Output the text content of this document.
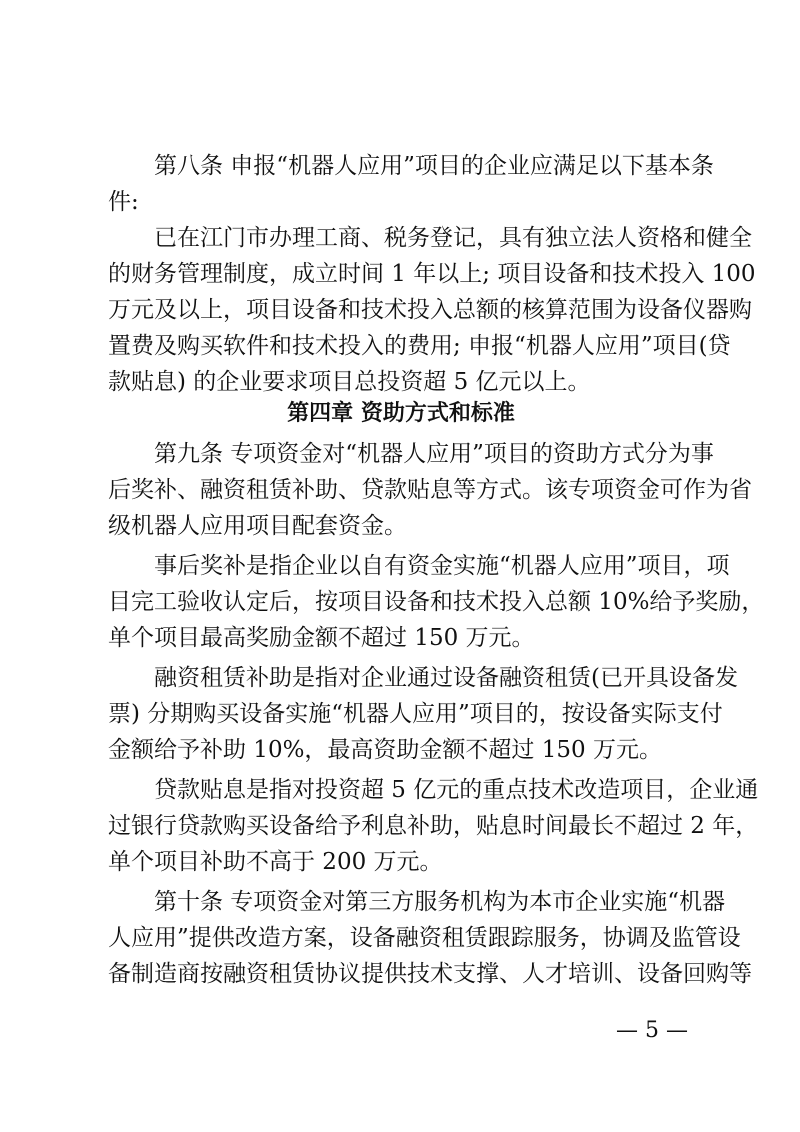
第八条 申报“机器人应用”项目的企业应满足以下基本条
件:
已在江门市办理工商、税务登记，具有独立法人资格和健全
的财务管理制度，成立时间 1 年以上; 项目设备和技术投入 100
万元及以上，项目设备和技术投入总额的核算范围为设备仪器购
置费及购买软件和技术投入的费用; 申报“机器人应用”项目(贷
款贴息) 的企业要求项目总投资超 5 亿元以上。
第四章 资助方式和标准
第九条 专项资金对“机器人应用”项目的资助方式分为事
后奖补、融资租赁补助、贷款贴息等方式。该专项资金可作为省
级机器人应用项目配套资金。
事后奖补是指企业以自有资金实施“机器人应用”项目，项
目完工验收认定后，按项目设备和技术投入总额 10%给予奖励，
单个项目最高奖励金额不超过 150 万元。
融资租赁补助是指对企业通过设备融资租赁(已开具设备发
票) 分期购买设备实施“机器人应用”项目的，按设备实际支付
金额给予补助 10%，最高资助金额不超过 150 万元。
贷款贴息是指对投资超 5 亿元的重点技术改造项目，企业通
过银行贷款购买设备给予利息补助，贴息时间最长不超过 2 年，
单个项目补助不高于 200 万元。
第十条 专项资金对第三方服务机构为本市企业实施“机器
人应用”提供改造方案，设备融资租赁跟踪服务，协调及监管设
备制造商按融资租赁协议提供技术支撑、人才培训、设备回购等
— 5 —
